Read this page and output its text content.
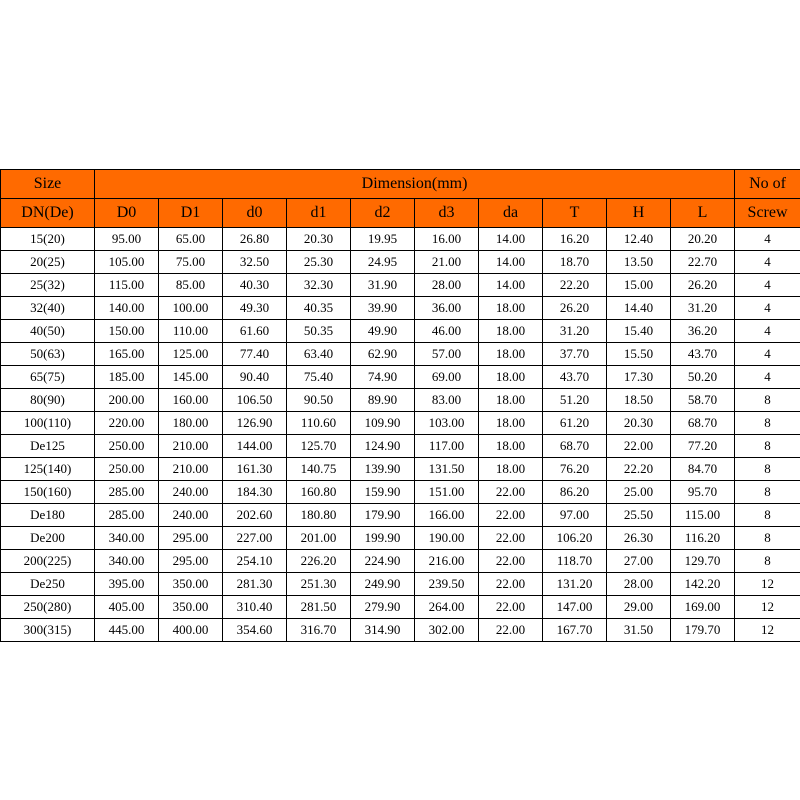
Size	Dimension(mm)										No of
DN(De)	D0	D1	d0	d1	d2	d3	da	T	H	L	Screw
15(20)	95.00	65.00	26.80	20.30	19.95	16.00	14.00	16.20	12.40	20.20	4
20(25)	105.00	75.00	32.50	25.30	24.95	21.00	14.00	18.70	13.50	22.70	4
25(32)	115.00	85.00	40.30	32.30	31.90	28.00	14.00	22.20	15.00	26.20	4
32(40)	140.00	100.00	49.30	40.35	39.90	36.00	18.00	26.20	14.40	31.20	4
40(50)	150.00	110.00	61.60	50.35	49.90	46.00	18.00	31.20	15.40	36.20	4
50(63)	165.00	125.00	77.40	63.40	62.90	57.00	18.00	37.70	15.50	43.70	4
65(75)	185.00	145.00	90.40	75.40	74.90	69.00	18.00	43.70	17.30	50.20	4
80(90)	200.00	160.00	106.50	90.50	89.90	83.00	18.00	51.20	18.50	58.70	8
100(110)	220.00	180.00	126.90	110.60	109.90	103.00	18.00	61.20	20.30	68.70	8
De125	250.00	210.00	144.00	125.70	124.90	117.00	18.00	68.70	22.00	77.20	8
125(140)	250.00	210.00	161.30	140.75	139.90	131.50	18.00	76.20	22.20	84.70	8
150(160)	285.00	240.00	184.30	160.80	159.90	151.00	22.00	86.20	25.00	95.70	8
De180	285.00	240.00	202.60	180.80	179.90	166.00	22.00	97.00	25.50	115.00	8
De200	340.00	295.00	227.00	201.00	199.90	190.00	22.00	106.20	26.30	116.20	8
200(225)	340.00	295.00	254.10	226.20	224.90	216.00	22.00	118.70	27.00	129.70	8
De250	395.00	350.00	281.30	251.30	249.90	239.50	22.00	131.20	28.00	142.20	12
250(280)	405.00	350.00	310.40	281.50	279.90	264.00	22.00	147.00	29.00	169.00	12
300(315)	445.00	400.00	354.60	316.70	314.90	302.00	22.00	167.70	31.50	179.70	12
